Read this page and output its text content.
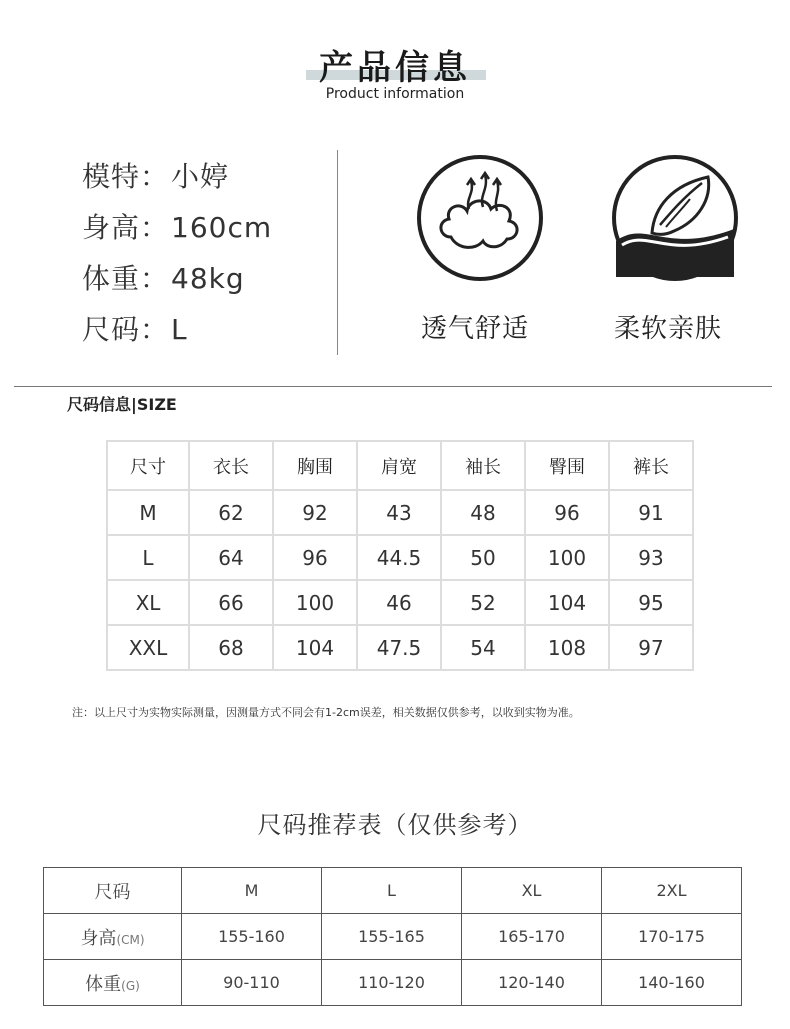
产品信息
Product information
模特：小婷
身高：160cm
体重：48kg
尺码：L	透气舒适	柔软亲肤
尺码信息|SIZE
尺寸	衣长	胸围	肩宽	袖长	臀围	裤长
M	62	92	43	48	96	91
L	64	96	44.5	50	100	93
XL	66	100	46	52	104	95
XXL	68	104	47.5	54	108	97
注：以上尺寸为实物实际测量，因测量方式不同会有1-2cm误差，相关数据仅供参考，以收到实物为准。
尺码推荐表（仅供参考）
尺码	M	L	XL	2XL
身高(CM)	155-160	155-165	165-170	170-175
体重(G)	90-110	110-120	120-140	140-160
